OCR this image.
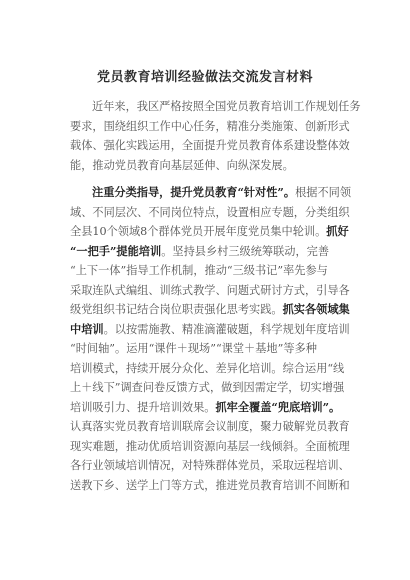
党员教育培训经验做法交流发言材料
近年来，我区严格按照全国党员教育培训工作规划任务
要求，围绕组织工作中心任务，精准分类施策、创新形式
载体、强化实践运用，全面提升党员教育体系建设整体效
能，推动党员教育向基层延伸、向纵深发展。
注重分类指导，提升党员教育“针对性”。根据不同领
域、不同层次、不同岗位特点，设置相应专题，分类组织
全县10个领域8个群体党员开展年度党员集中轮训。抓好
“一把手”提能培训。坚持县乡村三级统筹联动，完善
“上下一体”指导工作机制，推动“三级书记”率先参与
采取连队式编组、训练式教学、问题式研讨方式，引导各
级党组织书记结合岗位职责强化思考实践。抓实各领域集
中培训。以按需施教、精准滴灌破题，科学规划年度培训
“时间轴”。运用“课件＋现场”“课堂＋基地”等多种
培训模式，持续开展分众化、差异化培训。综合运用“线
上＋线下”调查问卷反馈方式，做到因需定学，切实增强
培训吸引力、提升培训效果。抓牢全覆盖“兜底培训”。
认真落实党员教育培训联席会议制度，聚力破解党员教育
现实难题，推动优质培训资源向基层一线倾斜。全面梳理
各行业领域培训情况，对特殊群体党员，采取远程培训、
送教下乡、送学上门等方式，推进党员教育培训不间断和
